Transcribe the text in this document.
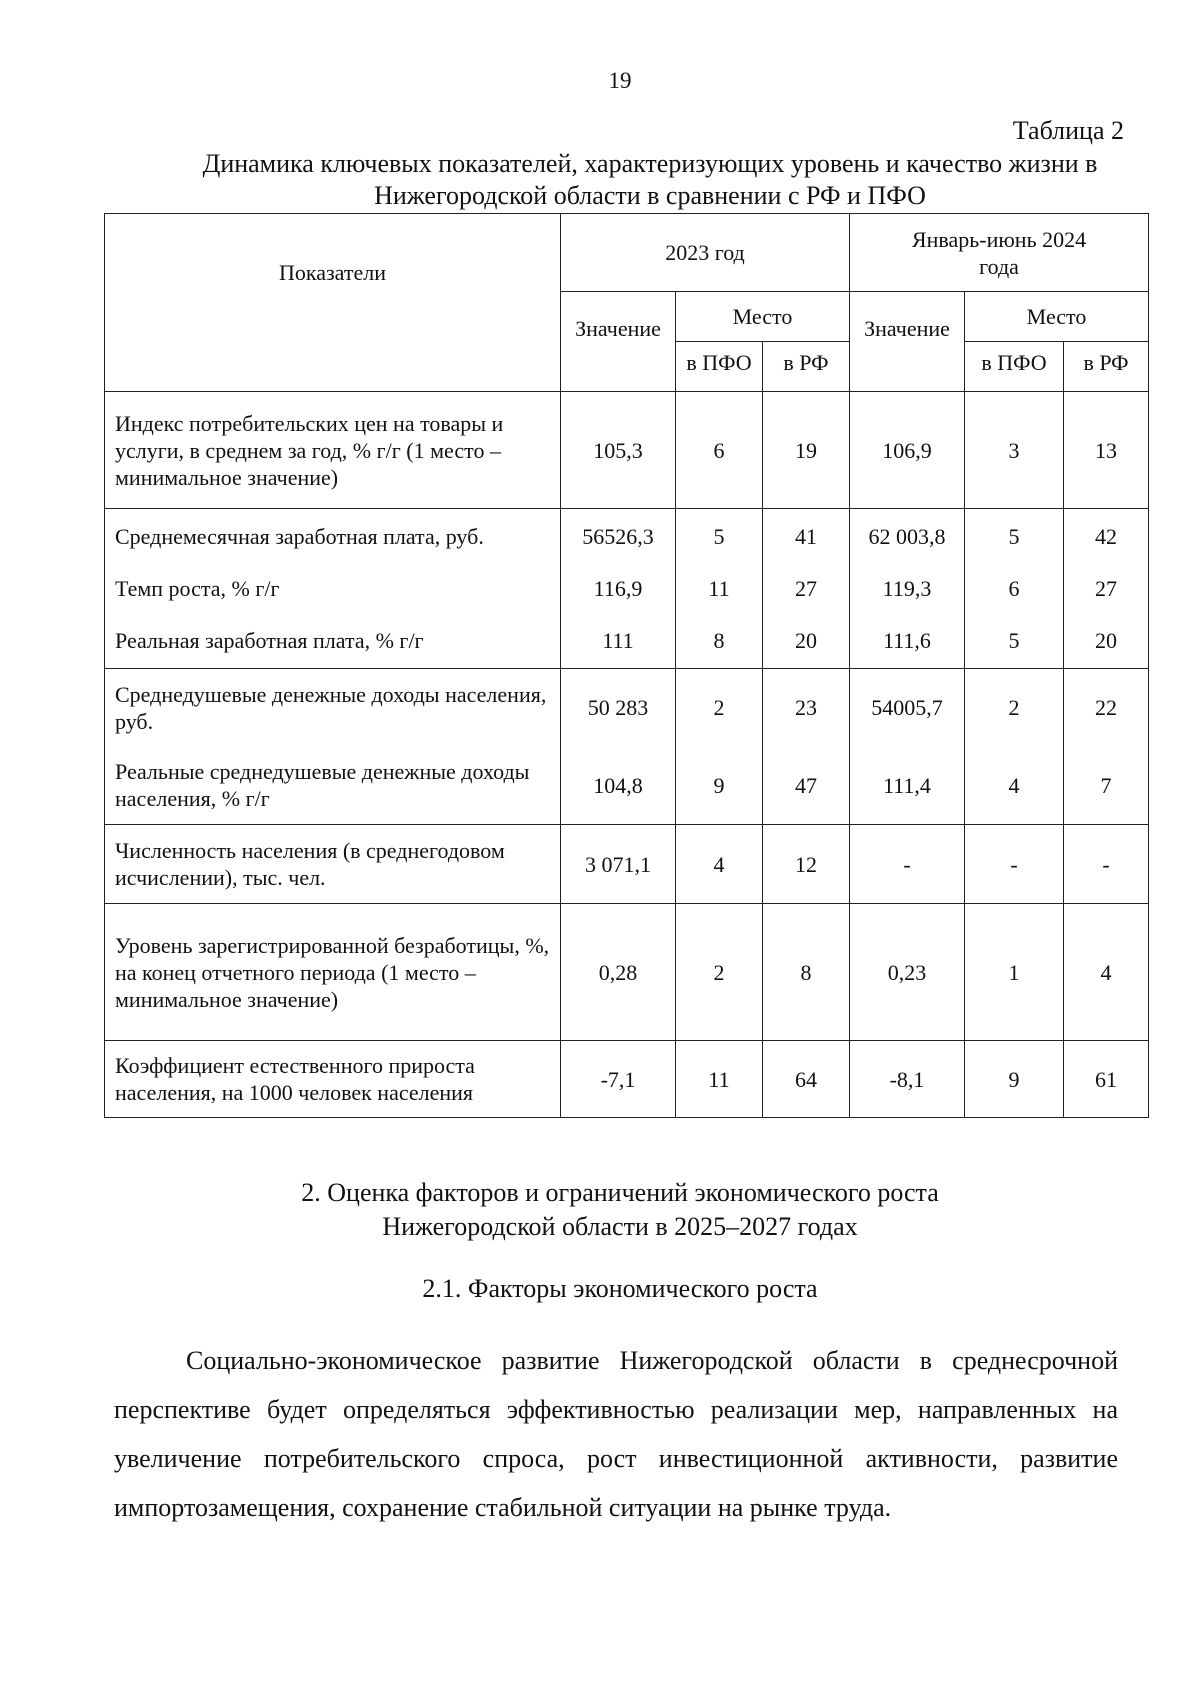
19
Таблица 2
Динамика ключевых показателей, характеризующих уровень и качество жизни в Нижегородской области в сравнении с РФ и ПФО
Показатели	2023 год			Январь-июнь 2024 года		
	Значение	Место		Значение	Место	
		в ПФО	в РФ		в ПФО	в РФ
Индекс потребительских цен на товары и услуги, в среднем за год, % г/г (1 место – минимальное значение)	105,3	6	19	106,9	3	13
Среднемесячная заработная плата, руб.	56526,3	5	41	62 003,8	5	42
Темп роста, % г/г	116,9	11	27	119,3	6	27
Реальная заработная плата, % г/г	111	8	20	111,6	5	20
Среднедушевые денежные доходы населения, руб.	50 283	2	23	54005,7	2	22
Реальные среднедушевые денежные доходы населения, % г/г	104,8	9	47	111,4	4	7
Численность населения (в среднегодовом исчислении), тыс. чел.	3 071,1	4	12	-	-	-
Уровень зарегистрированной безработицы, %, на конец отчетного периода (1 место – минимальное значение)	0,28	2	8	0,23	1	4
Коэффициент естественного прироста населения, на 1000 человек населения	-7,1	11	64	-8,1	9	61
2. Оценка факторов и ограничений экономического роста
Нижегородской области в 2025–2027 годах
2.1. Факторы экономического роста

Социально-экономическое развитие Нижегородской области в среднесрочной перспективе будет определяться эффективностью реализации мер, направленных на увеличение потребительского спроса, рост инвестиционной активности, развитие импортозамещения, сохранение стабильной ситуации на рынке труда.
